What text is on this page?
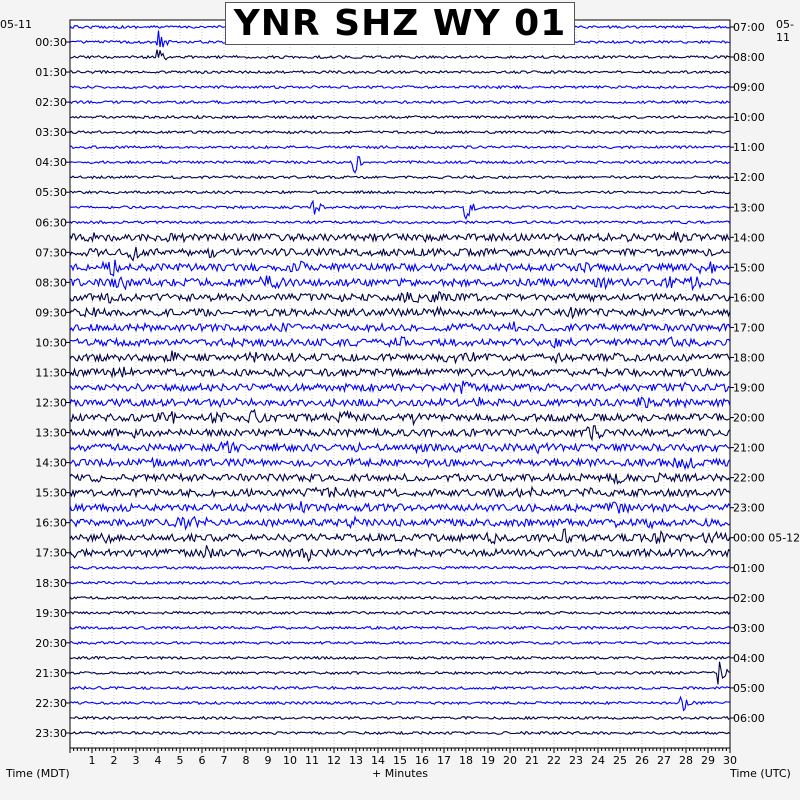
00:30
01:30
02:30
03:30
04:30
05:30
06:30
07:30
08:30
09:30
10:30
11:30
12:30
13:30
14:30
15:30
16:30
17:30
18:30
19:30
20:30
21:30
22:30
23:30
07:00
08:00
09:00
10:00
11:00
12:00
13:00
14:00
15:00
16:00
17:00
18:00
19:00
20:00
21:00
22:00
23:00
00:00 05-12
01:00
02:00
03:00
04:00
05:00
06:00
1 2 3 4 5 6 7 8 9 10 11 12 13 14 15 16 17 18 19 20 21 22 23 24 25 26 27 28 29 30
YNR SHZ WY 01
05-11	05-11
Time (MDT)	+ Minutes	Time (UTC)
